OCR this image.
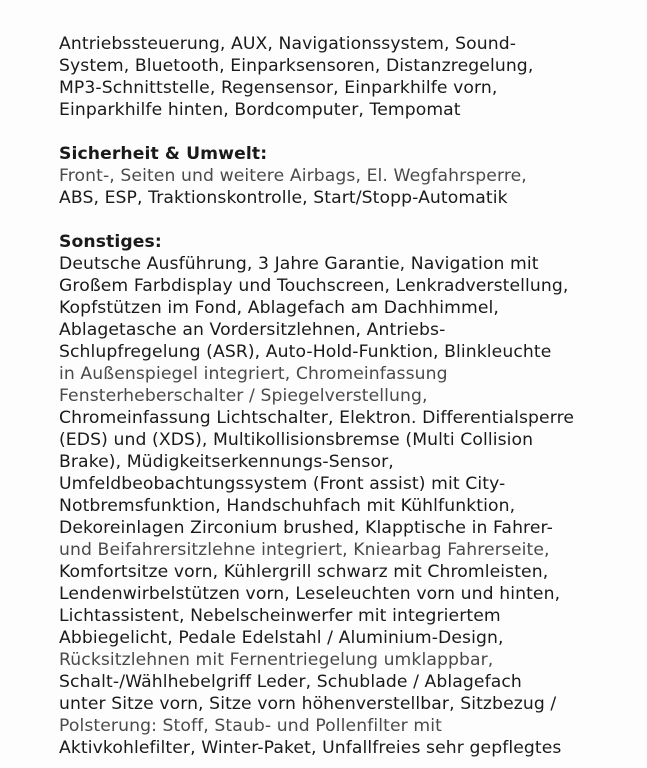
Antriebssteuerung, AUX, Navigationssystem, Sound-
System, Bluetooth, Einparksensoren, Distanzregelung,
MP3-Schnittstelle, Regensensor, Einparkhilfe vorn,
Einparkhilfe hinten, Bordcomputer, Tempomat
Sicherheit & Umwelt:
Front-, Seiten und weitere Airbags, El. Wegfahrsperre,
ABS, ESP, Traktionskontrolle, Start/Stopp-Automatik
Sonstiges:
Deutsche Ausführung, 3 Jahre Garantie, Navigation mit
Großem Farbdisplay und Touchscreen, Lenkradverstellung,
Kopfstützen im Fond, Ablagefach am Dachhimmel,
Ablagetasche an Vordersitzlehnen, Antriebs-
Schlupfregelung (ASR), Auto-Hold-Funktion, Blinkleuchte
in Außenspiegel integriert, Chromeinfassung
Fensterheberschalter / Spiegelverstellung,
Chromeinfassung Lichtschalter, Elektron. Differentialsperre
(EDS) und (XDS), Multikollisionsbremse (Multi Collision
Brake), Müdigkeitserkennungs-Sensor,
Umfeldbeobachtungssystem (Front assist) mit City-
Notbremsfunktion, Handschuhfach mit Kühlfunktion,
Dekoreinlagen Zirconium brushed, Klapptische in Fahrer-
und Beifahrersitzlehne integriert, Kniearbag Fahrerseite,
Komfortsitze vorn, Kühlergrill schwarz mit Chromleisten,
Lendenwirbelstützen vorn, Leseleuchten vorn und hinten,
Lichtassistent, Nebelscheinwerfer mit integriertem
Abbiegelicht, Pedale Edelstahl / Aluminium-Design,
Rücksitzlehnen mit Fernentriegelung umklappbar,
Schalt-/Wählhebelgriff Leder, Schublade / Ablagefach
unter Sitze vorn, Sitze vorn höhenverstellbar, Sitzbezug /
Polsterung: Stoff, Staub- und Pollenfilter mit
Aktivkohlefilter, Winter-Paket, Unfallfreies sehr gepflegtes
